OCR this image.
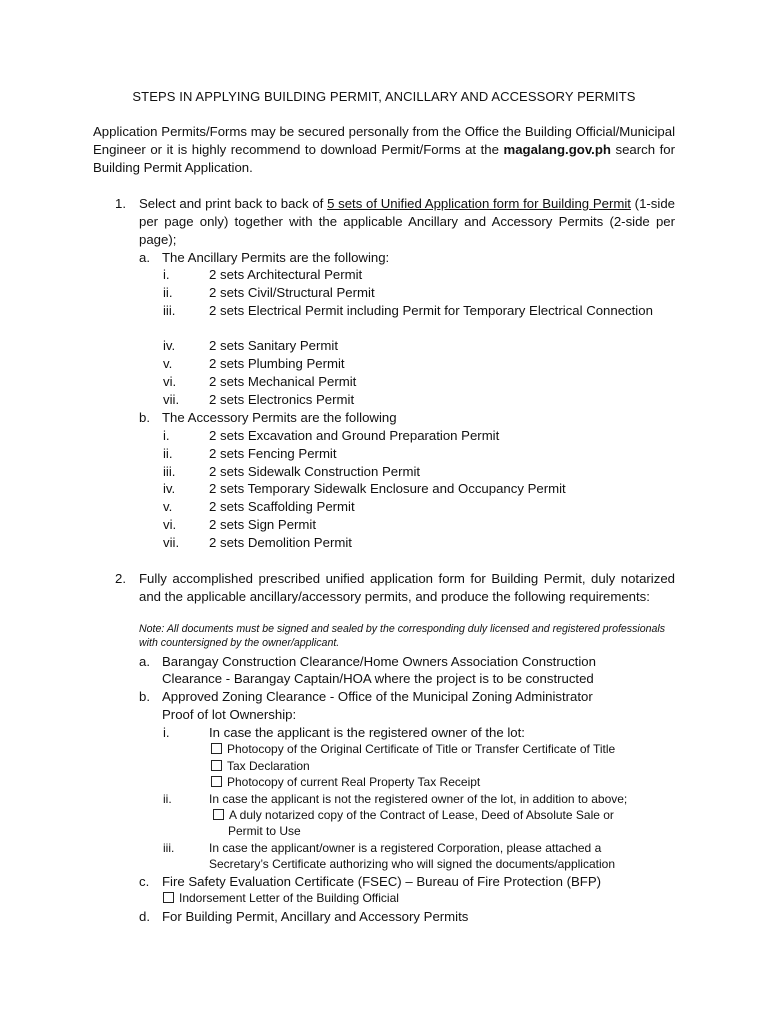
STEPS IN APPLYING BUILDING PERMIT, ANCILLARY AND ACCESSORY PERMITS
Application Permits/Forms may be secured personally from the Office the Building Official/Municipal Engineer or it is highly recommend to download Permit/Forms at the magalang.gov.ph search for Building Permit Application.
1. Select and print back to back of 5 sets of Unified Application form for Building Permit (1-side per page only) together with the applicable Ancillary and Accessory Permits (2-side per page);
a. The Ancillary Permits are the following:
i.	2 sets Architectural Permit
ii.	2 sets Civil/Structural Permit
iii.	2 sets Electrical Permit including Permit for Temporary Electrical Connection
iv.	2 sets Sanitary Permit
v.	2 sets Plumbing Permit
vi. 2 sets Mechanical Permit
vii. 2 sets Electronics Permit
b. The Accessory Permits are the following
i.	2 sets Excavation and Ground Preparation Permit
ii.	2 sets Fencing Permit
iii.	2 sets Sidewalk Construction Permit
iv.	2 sets Temporary Sidewalk Enclosure and Occupancy Permit
v.	2 sets Scaffolding Permit
vi. 2 sets Sign Permit
vii. 2 sets Demolition Permit
2. Fully accomplished prescribed unified application form for Building Permit, duly notarized and the applicable ancillary/accessory permits, and produce the following requirements:
Note: All documents must be signed and sealed by the corresponding duly licensed and registered professionals with countersigned by the owner/applicant.
a. Barangay Construction Clearance/Home Owners Association Construction
Clearance - Barangay Captain/HOA where the project is to be constructed
b. Approved Zoning Clearance - Office of the Municipal Zoning Administrator
Proof of lot Ownership:
i.	In case the applicant is the registered owner of the lot:
Photocopy of the Original Certificate of Title or Transfer Certificate of Title
Tax Declaration
Photocopy of current Real Property Tax Receipt
ii.	In case the applicant is not the registered owner of the lot, in addition to above;
A duly notarized copy of the Contract of Lease, Deed of Absolute Sale or
Permit to Use
iii.	In case the applicant/owner is a registered Corporation, please attached a
Secretary’s Certificate authorizing who will signed the documents/application
c. Fire Safety Evaluation Certificate (FSEC) – Bureau of Fire Protection (BFP)
Indorsement Letter of the Building Official
d. For Building Permit, Ancillary and Accessory Permits
